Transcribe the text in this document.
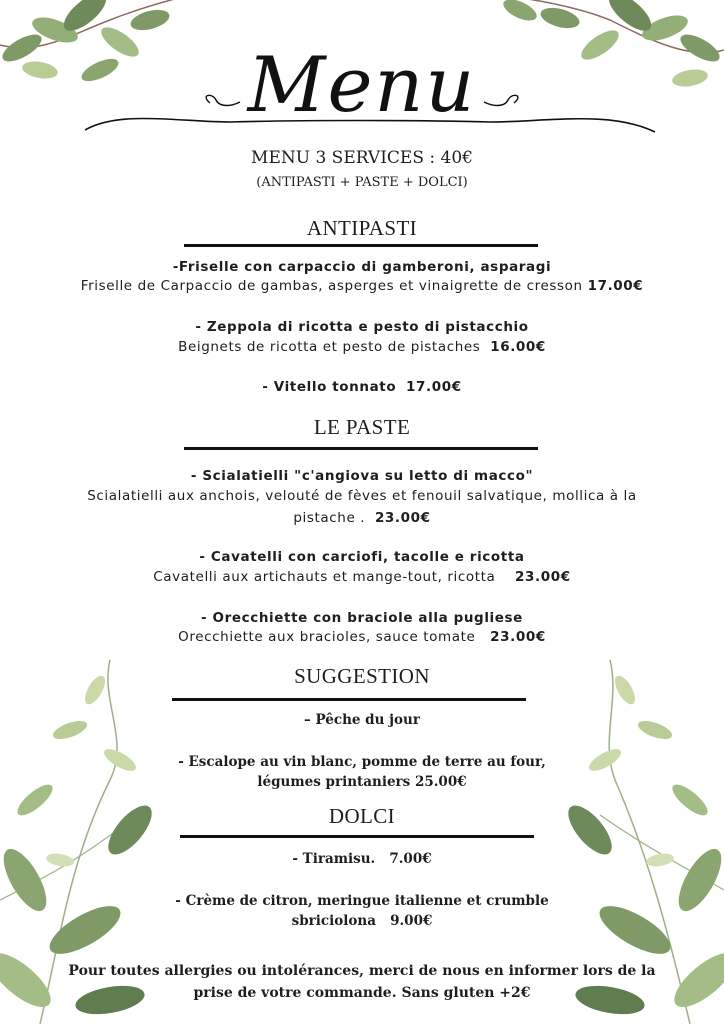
Menu

MENU 3 SERVICES : 40€

(ANTIPASTI + PASTE + DOLCI)

ANTIPASTI

-Friselle con carpaccio di gamberoni, asparagi

Friselle de Carpaccio de gambas, asperges et vinaigrette de cresson 17.00€

- Zeppola di ricotta e pesto di pistacchio

Beignets de ricotta et pesto de pistaches 16.00€

- Vitello tonnato 17.00€

LE PASTE

- Scialatielli "c'angiova su letto di macco"

Scialatielli aux anchois, velouté de fèves et fenouil salvatique, mollica à la

pistache . 23.00€

- Cavatelli con carciofi, tacolle e ricotta

Cavatelli aux artichauts et mange-tout, ricotta 23.00€

- Orecchiette con braciole alla pugliese

Orecchiette aux bracioles, sauce tomate 23.00€

SUGGESTION

– Pêche du jour

- Escalope au vin blanc, pomme de terre au four,

légumes printaniers 25.00€

DOLCI

- Tiramisu. 7.00€

- Crème de citron, meringue italienne et crumble

sbriciolona 9.00€

Pour toutes allergies ou intolérances, merci de nous en informer lors de la

prise de votre commande. Sans gluten +2€
